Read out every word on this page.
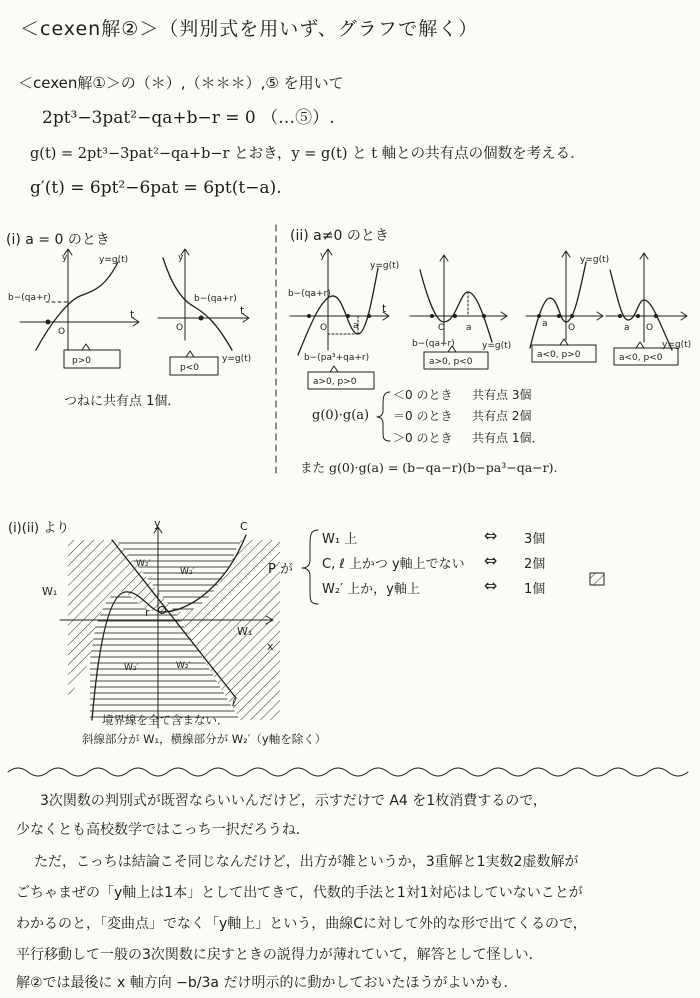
＜cexen解②＞（判別式を用いず、グラフで解く）
＜cexen解①＞の（＊）,（＊＊＊）,⑤ を用いて
2pt³−3pat²−qa+b−r = 0 （…⑤）.
g(t) = 2pt³−3pat²−qa+b−r とおき，y = g(t) と t 軸との共有点の個数を考える．
g′(t) = 6pt²−6pat = 6pt(t−a).
(i) a = 0 のとき	(ii) a≠0 のとき
b−(qa+r)
y=g(t)
y
t
O
p>0
b−(qa+r)
y=g(t)
y
t
O
p<0
b−(qa+r)
b−(pa³+qa+r)
y=g(t)
y
t
O	a
a>0, p>0
b−(qa+r)	y=g(t)
O a
a>0, p<0
y=g(t)
a O
a<0, p>0
y=g(t)
a O
a<0, p<0
y
x
C
ℓ
r
W₁
W₁
W₂′
W₂′
W₂′	W₂′
つねに共有点 1個．
g(0)·g(a)
＜0 のとき 共有点 3個
＝0 のとき 共有点 2個
＞0 のとき 共有点 1個．
また g(0)·g(a) = (b−qa−r)(b−pa³−qa−r).
(i)(ii) より
境界線を全て含まない．
斜線部分が W₁，横線部分が W₂′（y軸を除く）
P が
W₁ 上	⇔ 3個
C, ℓ 上かつ y軸上でない ⇔ 2個
W₂′ 上か，y軸上	⇔ 1個
3次関数の判別式が既習ならいいんだけど，示すだけで A4 を1枚消費するので，
少なくとも高校数学ではこっち一択だろうね．
ただ，こっちは結論こそ同じなんだけど，出方が雑というか，3重解と1実数2虚数解が
ごちゃまぜの「y軸上は1本」として出てきて，代数的手法と1対1対応はしていないことが
わかるのと，「変曲点」でなく「y軸上」という，曲線Cに対して外的な形で出てくるので，
平行移動して一般の3次関数に戻すときの説得力が薄れていて，解答として怪しい．
解②では最後に x 軸方向 −b/3a だけ明示的に動かしておいたほうがよいかも．
